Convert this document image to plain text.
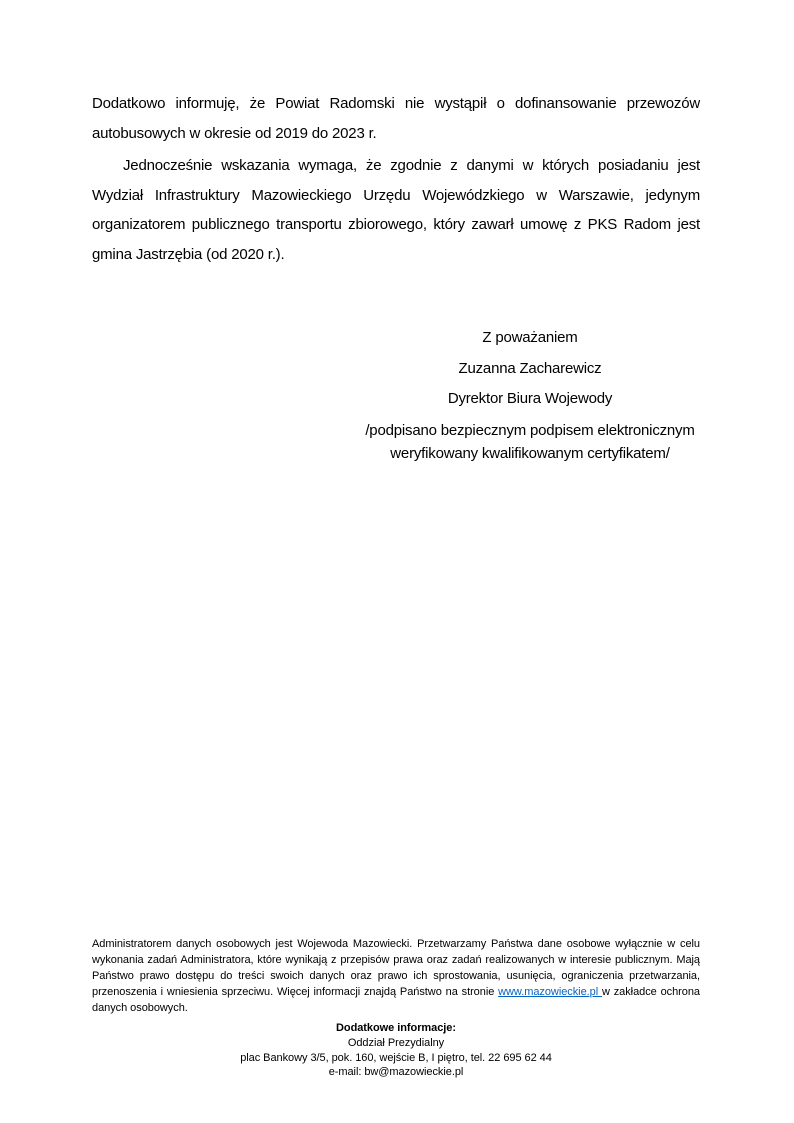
Dodatkowo informuję, że Powiat Radomski nie wystąpił o dofinansowanie przewozów autobusowych w okresie od 2019 do 2023 r.

Jednocześnie wskazania wymaga, że zgodnie z danymi w których posiadaniu jest Wydział Infrastruktury Mazowieckiego Urzędu Wojewódzkiego w Warszawie, jedynym organizatorem publicznego transportu zbiorowego, który zawarł umowę z PKS Radom jest gmina Jastrzębia (od 2020 r.).

Z poważaniem
Zuzanna Zacharewicz
Dyrektor Biura Wojewody
/podpisano bezpiecznym podpisem elektronicznym
weryfikowany kwalifikowanym certyfikatem/

Administratorem danych osobowych jest Wojewoda Mazowiecki. Przetwarzamy Państwa dane osobowe wyłącznie w celu wykonania zadań Administratora, które wynikają z przepisów prawa oraz zadań realizowanych w interesie publicznym. Mają Państwo prawo dostępu do treści swoich danych oraz prawo ich sprostowania, usunięcia, ograniczenia przetwarzania, przenoszenia i wniesienia sprzeciwu. Więcej informacji znajdą Państwo na stronie www.mazowieckie.pl w zakładce ochrona danych osobowych.

Dodatkowe informacje:
Oddział Prezydialny
plac Bankowy 3/5, pok. 160, wejście B, I piętro, tel. 22 695 62 44
e-mail: bw@mazowieckie.pl
